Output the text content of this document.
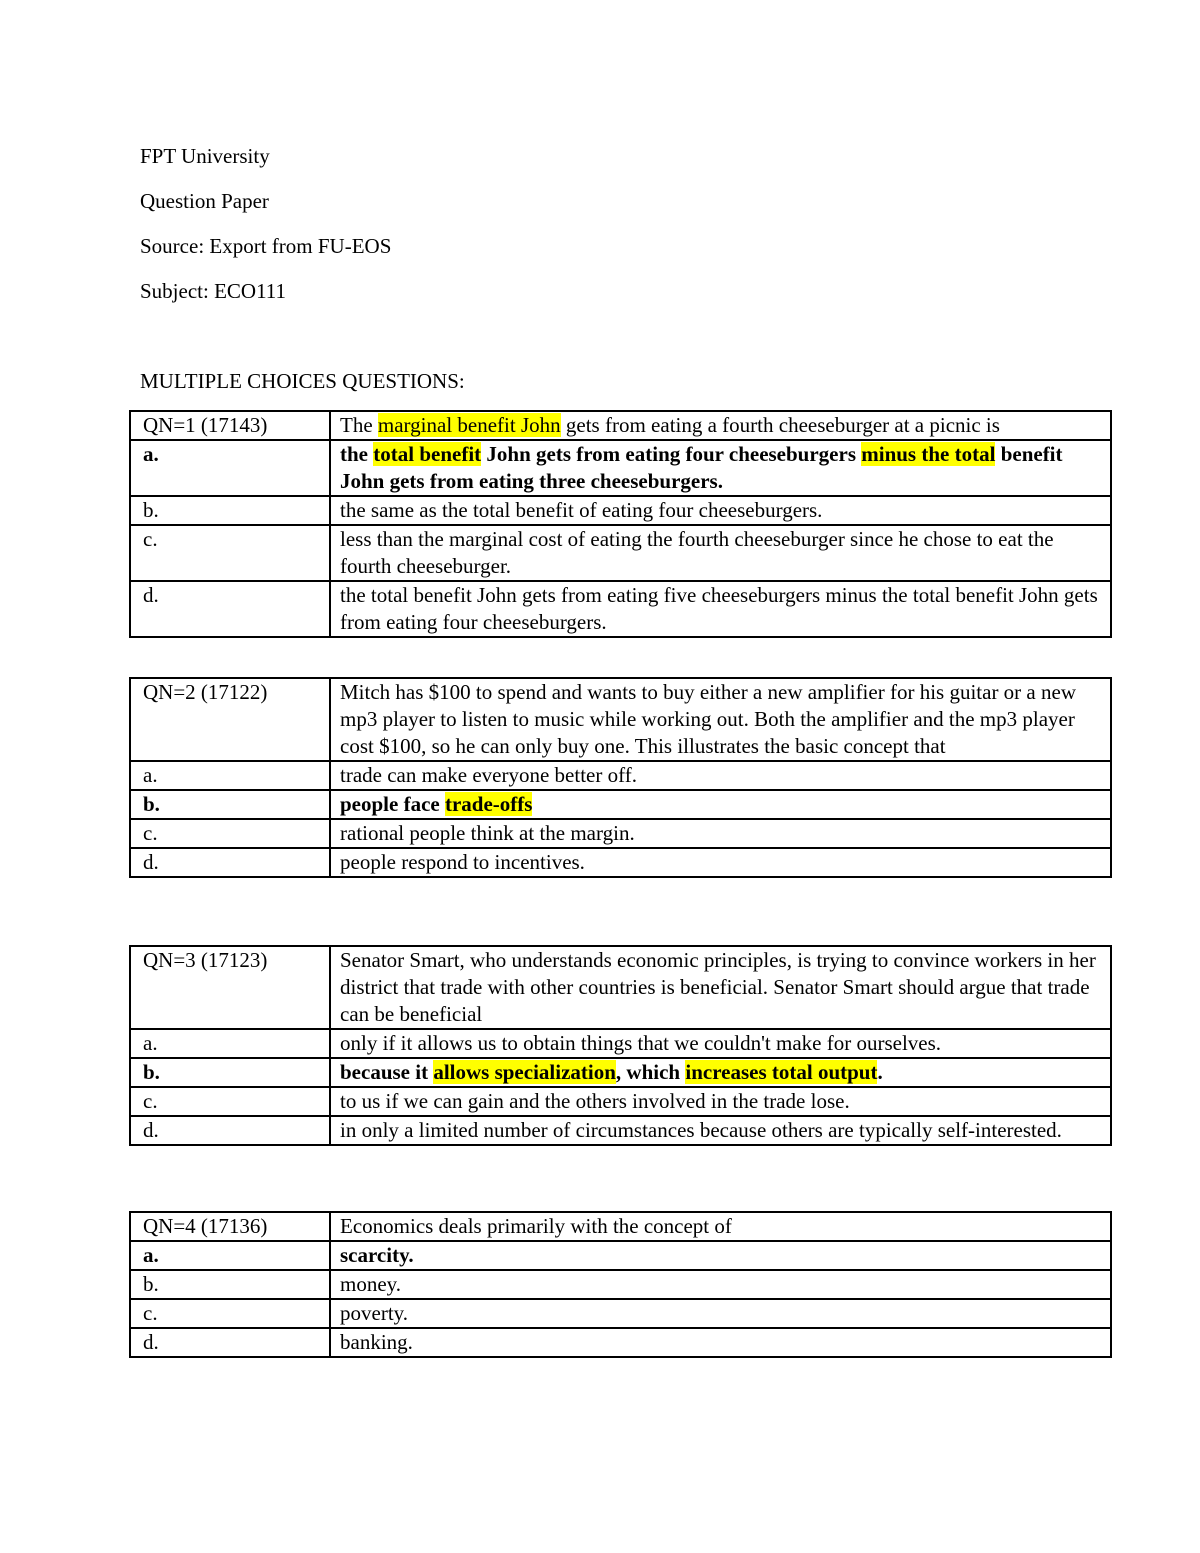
FPT University
Question Paper
Source: Export from FU-EOS
Subject: ECO111
MULTIPLE CHOICES QUESTIONS:
QN=1 (17143)	The marginal benefit John gets from eating a fourth cheeseburger at a picnic is
a.	the total benefit John gets from eating four cheeseburgers minus the total benefit John gets from eating three cheeseburgers.
b.	the same as the total benefit of eating four cheeseburgers.
c.	less than the marginal cost of eating the fourth cheeseburger since he chose to eat the fourth cheeseburger.
d.	the total benefit John gets from eating five cheeseburgers minus the total benefit John gets from eating four cheeseburgers.
QN=2 (17122)	Mitch has $100 to spend and wants to buy either a new amplifier for his guitar or a new mp3 player to listen to music while working out. Both the amplifier and the mp3 player cost $100, so he can only buy one. This illustrates the basic concept that
a.	trade can make everyone better off.
b.	people face trade-offs
c.	rational people think at the margin.
d.	people respond to incentives.
QN=3 (17123)	Senator Smart, who understands economic principles, is trying to convince workers in her district that trade with other countries is beneficial. Senator Smart should argue that trade can be beneficial
a.	only if it allows us to obtain things that we couldn't make for ourselves.
b.	because it allows specialization, which increases total output.
c.	to us if we can gain and the others involved in the trade lose.
d.	in only a limited number of circumstances because others are typically self-interested.
QN=4 (17136)	Economics deals primarily with the concept of
a.	scarcity.
b.	money.
c.	poverty.
d.	banking.
